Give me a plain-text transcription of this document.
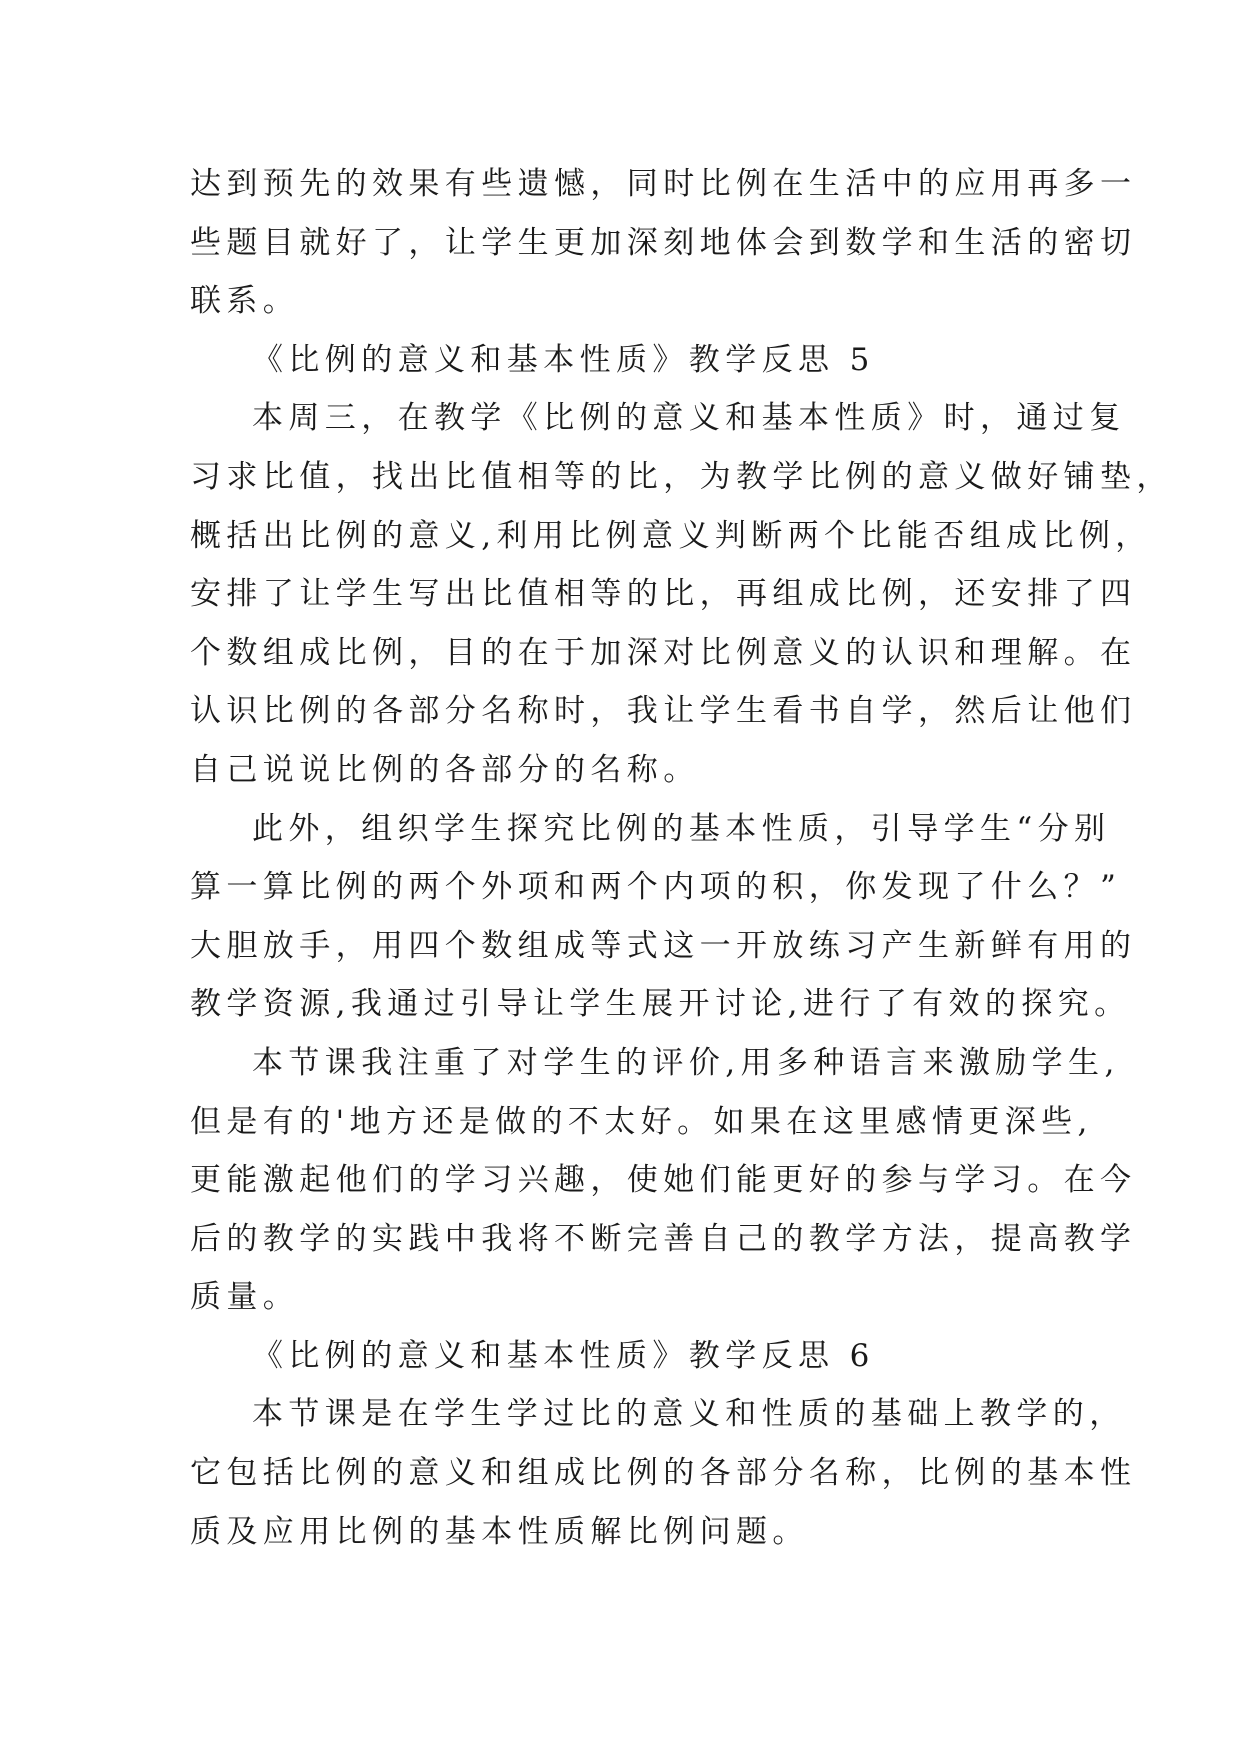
达到预先的效果有些遗憾，同时比例在生活中的应用再多一
些题目就好了，让学生更加深刻地体会到数学和生活的密切
联系。
《比例的意义和基本性质》教学反思 5
本周三，在教学《比例的意义和基本性质》时，通过复
习求比值，找出比值相等的比，为教学比例的意义做好铺垫，
概括出比例的意义,利用比例意义判断两个比能否组成比例，
安排了让学生写出比值相等的比，再组成比例，还安排了四
个数组成比例，目的在于加深对比例意义的认识和理解。在
认识比例的各部分名称时，我让学生看书自学，然后让他们
自己说说比例的各部分的名称。
此外，组织学生探究比例的基本性质，引导学生“分别
算一算比例的两个外项和两个内项的积，你发现了什么？”
大胆放手，用四个数组成等式这一开放练习产生新鲜有用的
教学资源,我通过引导让学生展开讨论,进行了有效的探究。
本节课我注重了对学生的评价,用多种语言来激励学生,
但是有的'地方还是做的不太好。如果在这里感情更深些,
更能激起他们的学习兴趣，使她们能更好的参与学习。在今
后的教学的实践中我将不断完善自己的教学方法，提高教学
质量。
《比例的意义和基本性质》教学反思 6
本节课是在学生学过比的意义和性质的基础上教学的，
它包括比例的意义和组成比例的各部分名称，比例的基本性
质及应用比例的基本性质解比例问题。
